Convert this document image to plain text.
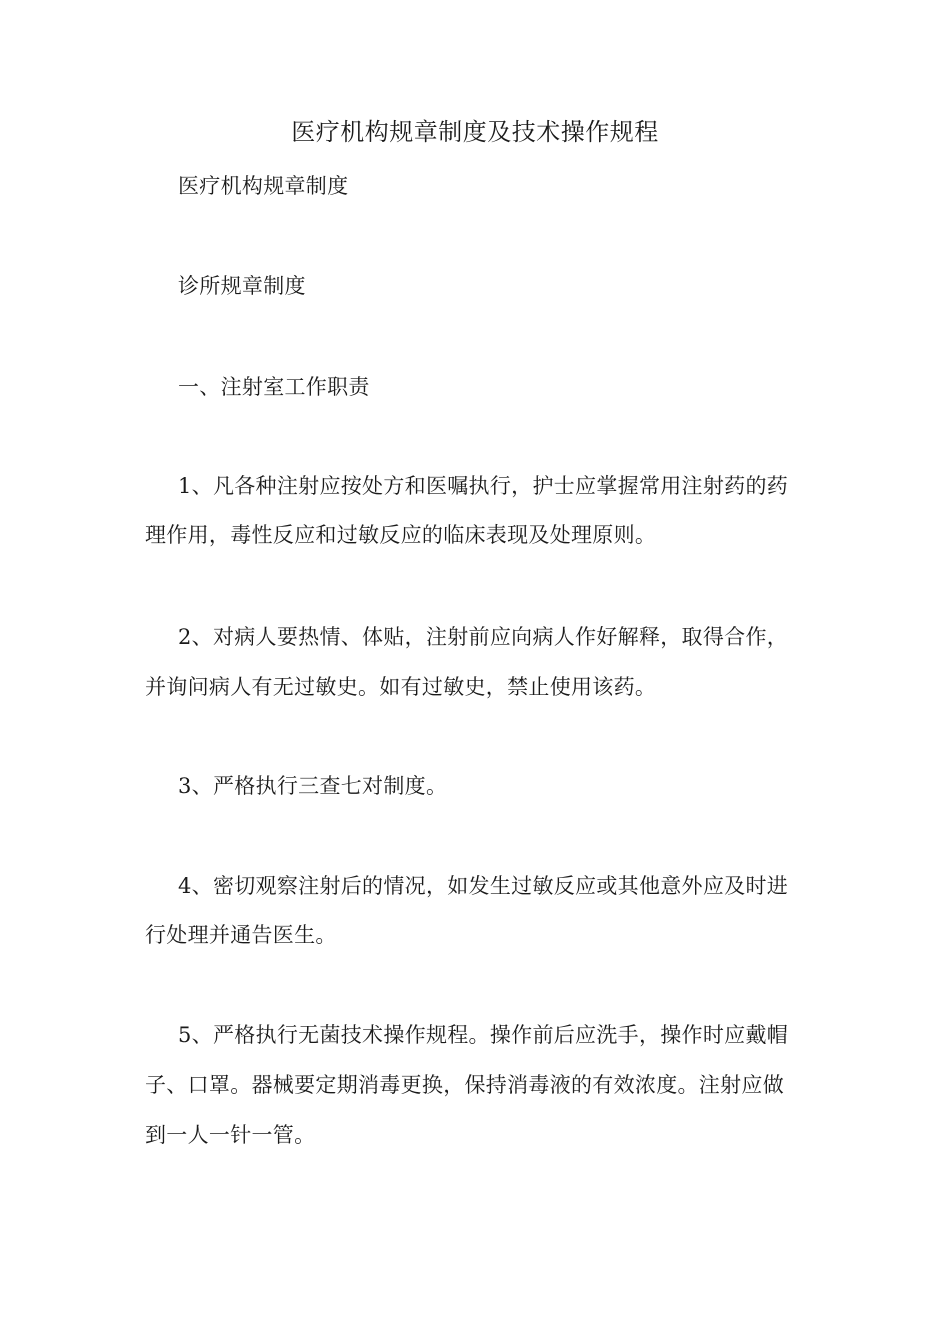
医疗机构规章制度及技术操作规程
医疗机构规章制度
诊所规章制度
一、注射室工作职责
1、凡各种注射应按处方和医嘱执行，护士应掌握常用注射药的药
理作用，毒性反应和过敏反应的临床表现及处理原则。
2、对病人要热情、体贴，注射前应向病人作好解释，取得合作，
并询问病人有无过敏史。如有过敏史，禁止使用该药。
3、严格执行三查七对制度。
4、密切观察注射后的情况，如发生过敏反应或其他意外应及时进
行处理并通告医生。
5、严格执行无菌技术操作规程。操作前后应洗手，操作时应戴帽
子、口罩。器械要定期消毒更换，保持消毒液的有效浓度。注射应做
到一人一针一管。
